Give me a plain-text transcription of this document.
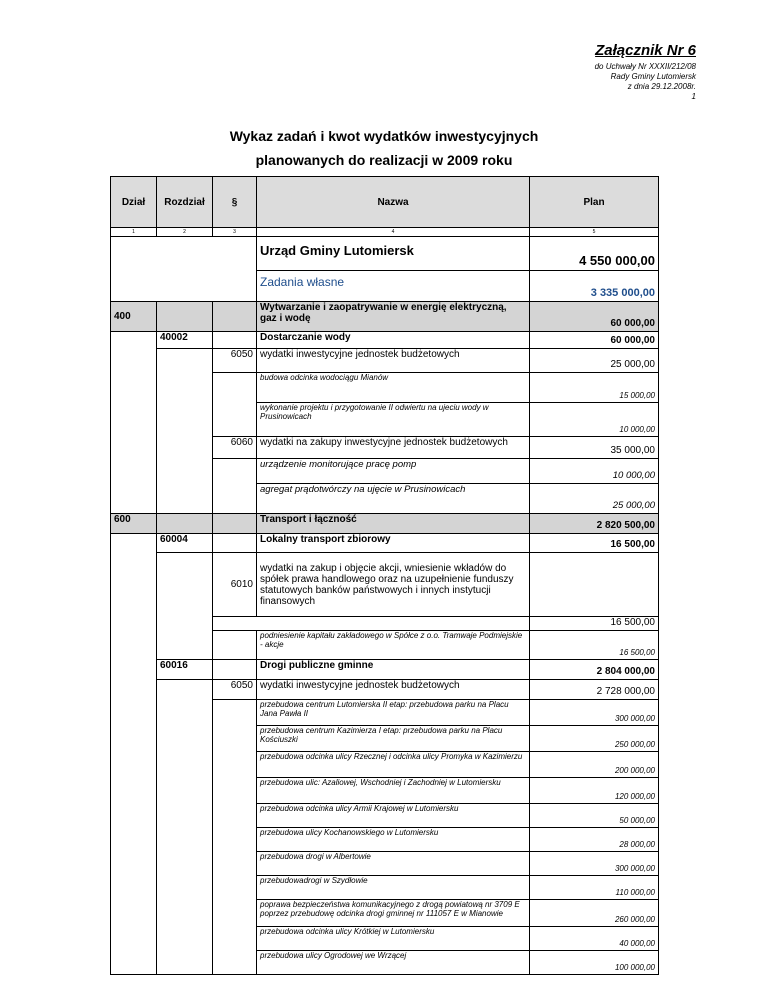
Załącznik Nr 6
do Uchwały Nr XXXII/212/08
Rady Gminy Lutomiersk
z dnia 29.12.2008r.
1
Wykaz zadań i kwot wydatków inwestycyjnych
planowanych do realizacji w 2009 roku
Dział	Rozdział	§	Nazwa	Plan
1	2	3	4	5
			Urząd Gminy Lutomiersk	4 550 000,00
			Zadania własne	3 335 000,00
400			Wytwarzanie i zaopatrywanie w energię elektryczną, gaz i wodę	60 000,00
	40002		Dostarczanie wody	60 000,00
		6050	wydatki inwestycyjne jednostek budżetowych	25 000,00
			budowa odcinka wodociągu Mianów	15 000,00
			wykonanie projektu i przygotowanie II odwiertu na ujeciu wody w Prusinowicach	10 000,00
		6060	wydatki na zakupy inwestycyjne jednostek budżetowych	35 000,00
			urządzenie monitorujące pracę pomp	10 000,00
			agregat prądotwórczy na ujęcie w Prusinowicach	25 000,00
600			Transport i łączność	2 820 500,00
	60004		Lokalny transport zbiorowy	16 500,00
		6010	wydatki na zakup i objęcie akcji, wniesienie wkładów do spółek prawa handlowego oraz na uzupełnienie funduszy statutowych banków państwowych i innych instytucji finansowych	
				16 500,00
			podniesienie kapitału zakładowego w Spółce z o.o. Tramwaje Podmiejskie - akcje	16 500,00
	60016		Drogi publiczne gminne	2 804 000,00
		6050	wydatki inwestycyjne jednostek budżetowych	2 728 000,00
			przebudowa centrum Lutomierska II etap: przebudowa parku na Placu Jana Pawła II	300 000,00
			przebudowa centrum Kazimierza I etap: przebudowa parku na Placu Kościuszki	250 000,00
			przebudowa odcinka ulicy Rzecznej i odcinka ulicy Promyka w Kazimierzu	200 000,00
			przebudowa ulic: Azaliowej, Wschodniej i Zachodniej w Lutomiersku	120 000,00
			przebudowa odcinka ulicy Armii Krajowej w Lutomiersku	50 000,00
			przebudowa ulicy Kochanowskiego w Lutomiersku	28 000,00
			przebudowa drogi w Albertowie	300 000,00
			przebudowadrogi w Szydłowie	110 000,00
			poprawa bezpieczeństwa komunikacyjnego z drogą powiatową nr 3709 E poprzez przebudowę odcinka drogi gminnej nr 111057 E w Mianowie	260 000,00
			przebudowa odcinka ulicy Krótkiej w Lutomiersku	40 000,00
			przebudowa ulicy Ogrodowej we Wrzącej	100 000,00
